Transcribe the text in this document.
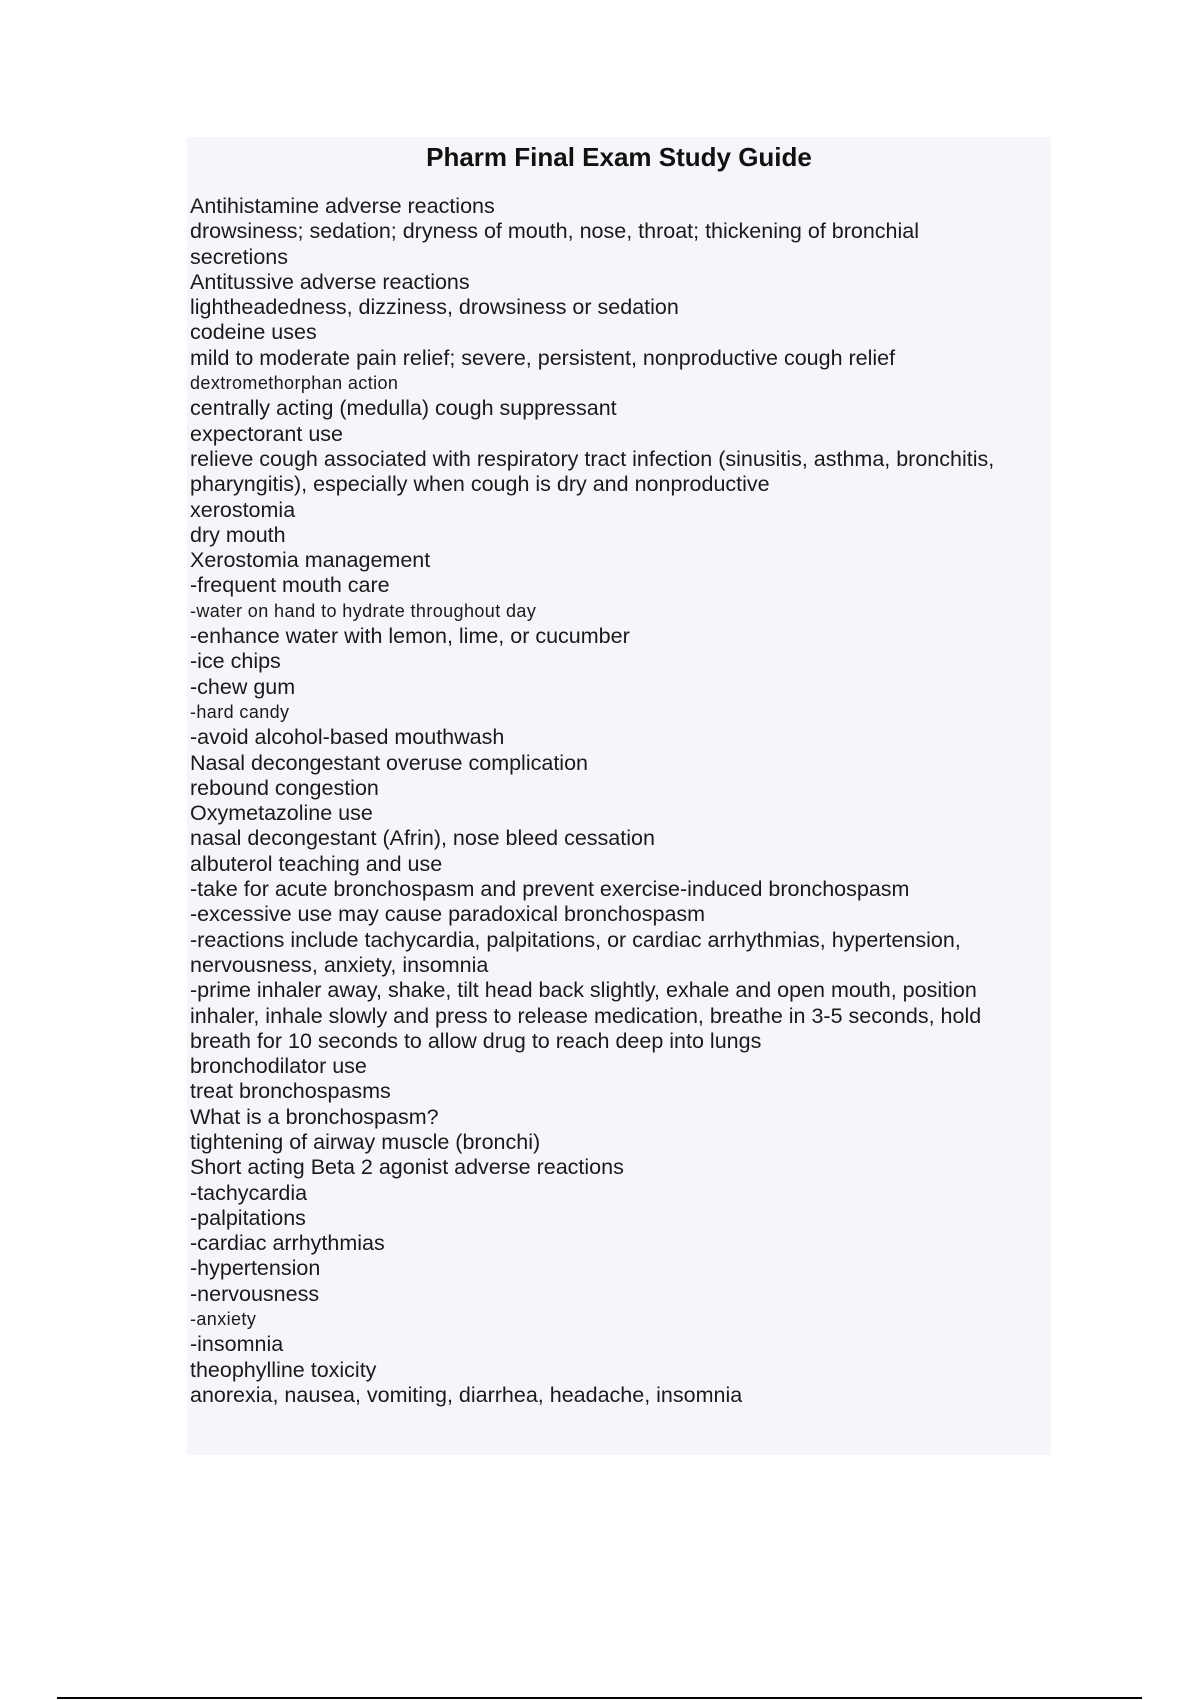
Pharm Final Exam Study Guide
Antihistamine adverse reactions
drowsiness; sedation; dryness of mouth, nose, throat; thickening of bronchial
secretions
Antitussive adverse reactions
lightheadedness, dizziness, drowsiness or sedation
codeine uses
mild to moderate pain relief; severe, persistent, nonproductive cough relief
dextromethorphan action
centrally acting (medulla) cough suppressant
expectorant use
relieve cough associated with respiratory tract infection (sinusitis, asthma, bronchitis,
pharyngitis), especially when cough is dry and nonproductive
xerostomia
dry mouth
Xerostomia management
-frequent mouth care
-water on hand to hydrate throughout day
-enhance water with lemon, lime, or cucumber
-ice chips
-chew gum
-hard candy
-avoid alcohol-based mouthwash
Nasal decongestant overuse complication
rebound congestion
Oxymetazoline use
nasal decongestant (Afrin), nose bleed cessation
albuterol teaching and use
-take for acute bronchospasm and prevent exercise-induced bronchospasm
-excessive use may cause paradoxical bronchospasm
-reactions include tachycardia, palpitations, or cardiac arrhythmias, hypertension,
nervousness, anxiety, insomnia
-prime inhaler away, shake, tilt head back slightly, exhale and open mouth, position
inhaler, inhale slowly and press to release medication, breathe in 3-5 seconds, hold
breath for 10 seconds to allow drug to reach deep into lungs
bronchodilator use
treat bronchospasms
What is a bronchospasm?
tightening of airway muscle (bronchi)
Short acting Beta 2 agonist adverse reactions
-tachycardia
-palpitations
-cardiac arrhythmias
-hypertension
-nervousness
-anxiety
-insomnia
theophylline toxicity
anorexia, nausea, vomiting, diarrhea, headache, insomnia
